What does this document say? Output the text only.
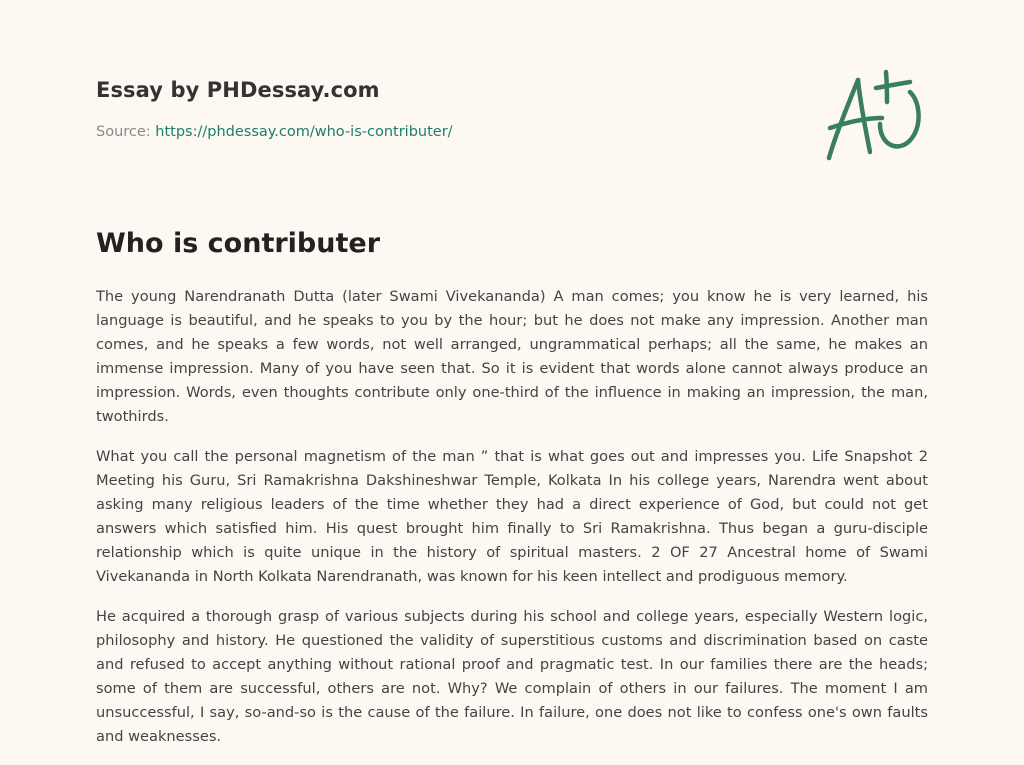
Essay by PHDessay.com
Source: https://phdessay.com/who-is-contributer/
Who is contributer

The young Narendranath Dutta (later Swami Vivekananda) A man comes; you know he is very learned, his language is beautiful, and he speaks to you by the hour; but he does not make any impression. Another man comes, and he speaks a few words, not well arranged, ungrammatical perhaps; all the same, he makes an immense impression. Many of you have seen that. So it is evident that words alone cannot always produce an impression. Words, even thoughts contribute only one-third of the influence in making an impression, the man, twothirds.

What you call the personal magnetism of the man ” that is what goes out and impresses you. Life Snapshot 2 Meeting his Guru, Sri Ramakrishna Dakshineshwar Temple, Kolkata In his college years, Narendra went about asking many religious leaders of the time whether they had a direct experience of God, but could not get answers which satisfied him. His quest brought him finally to Sri Ramakrishna. Thus began a guru-disciple relationship which is quite unique in the history of spiritual masters. 2 OF 27 Ancestral home of Swami Vivekananda in North Kolkata Narendranath, was known for his keen intellect and prodiguous memory.

He acquired a thorough grasp of various subjects during his school and college years, especially Western logic, philosophy and history. He questioned the validity of superstitious customs and discrimination based on caste and refused to accept anything without rational proof and pragmatic test. In our families there are the heads; some of them are successful, others are not. Why? We complain of others in our failures. The moment I am unsuccessful, I say, so-and-so is the cause of the failure. In failure, one does not like to confess one's own faults and weaknesses.
